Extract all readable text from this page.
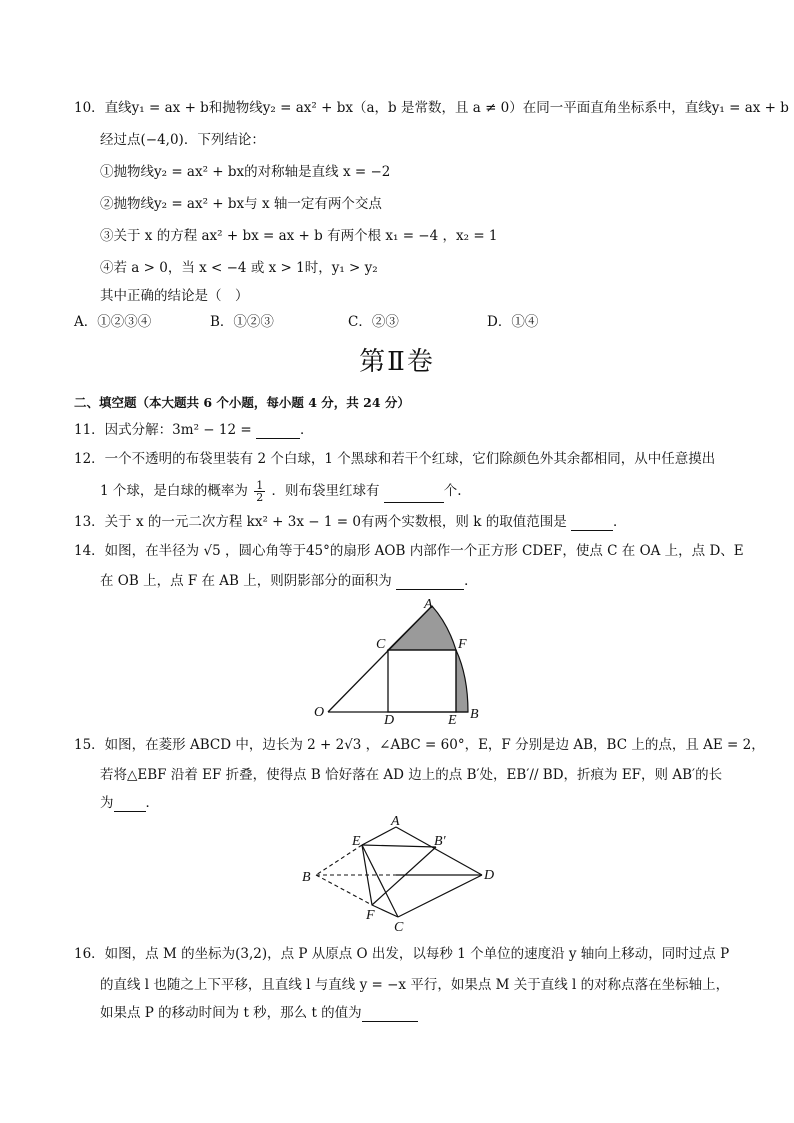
10．直线y₁ = ax + b和抛物线y₂ = ax² + bx（a，b 是常数，且 a ≠ 0）在同一平面直角坐标系中，直线y₁ = ax + b
经过点(−4,0)．下列结论：
①抛物线y₂ = ax² + bx的对称轴是直线 x = −2
②抛物线y₂ = ax² + bx与 x 轴一定有两个交点
③关于 x 的方程 ax² + bx = ax + b 有两个根 x₁ = −4 ，x₂ = 1
④若 a > 0，当 x < −4 或 x > 1时，y₁ > y₂
其中正确的结论是（　）
A．①②③④	B．①②③	C．②③	D．①④
第Ⅱ卷
二、填空题（本大题共 6 个小题，每小题 4 分，共 24 分）
11．因式分解：3m² − 12 =	．
12．一个不透明的布袋里装有 2 个白球，1 个黑球和若干个红球，它们除颜色外其余都相同，从中任意摸出
1 个球，是白球的概率为 $\frac{1}{2}$ ．则布袋里红球有	个.
13．关于 x 的一元二次方程 kx² + 3x − 1 = 0有两个实数根，则 k 的取值范围是	．
14．如图，在半径为 √5 ，圆心角等于45°的扇形 AOB 内部作一个正方形 CDEF，使点 C 在 OA 上，点 D、E
在 OB 上，点 F 在 AB 上，则阴影部分的面积为	．
A
C	F
O
D	E B
15．如图，在菱形 ABCD 中，边长为 2 + 2√3 ，∠ABC = 60°，E，F 分别是边 AB，BC 上的点，且 AE = 2，
若将△EBF 沿着 EF 折叠，使得点 B 恰好落在 AD 边上的点 B′处，EB′// BD，折痕为 EF，则 AB′的长
为 ．
A
E	B′
B	D
F
C
16．如图，点 M 的坐标为(3,2)，点 P 从原点 O 出发，以每秒 1 个单位的速度沿 y 轴向上移动，同时过点 P
的直线 l 也随之上下平移，且直线 l 与直线 y = −x 平行，如果点 M 关于直线 l 的对称点落在坐标轴上，
如果点 P 的移动时间为 t 秒，那么 t 的值为
